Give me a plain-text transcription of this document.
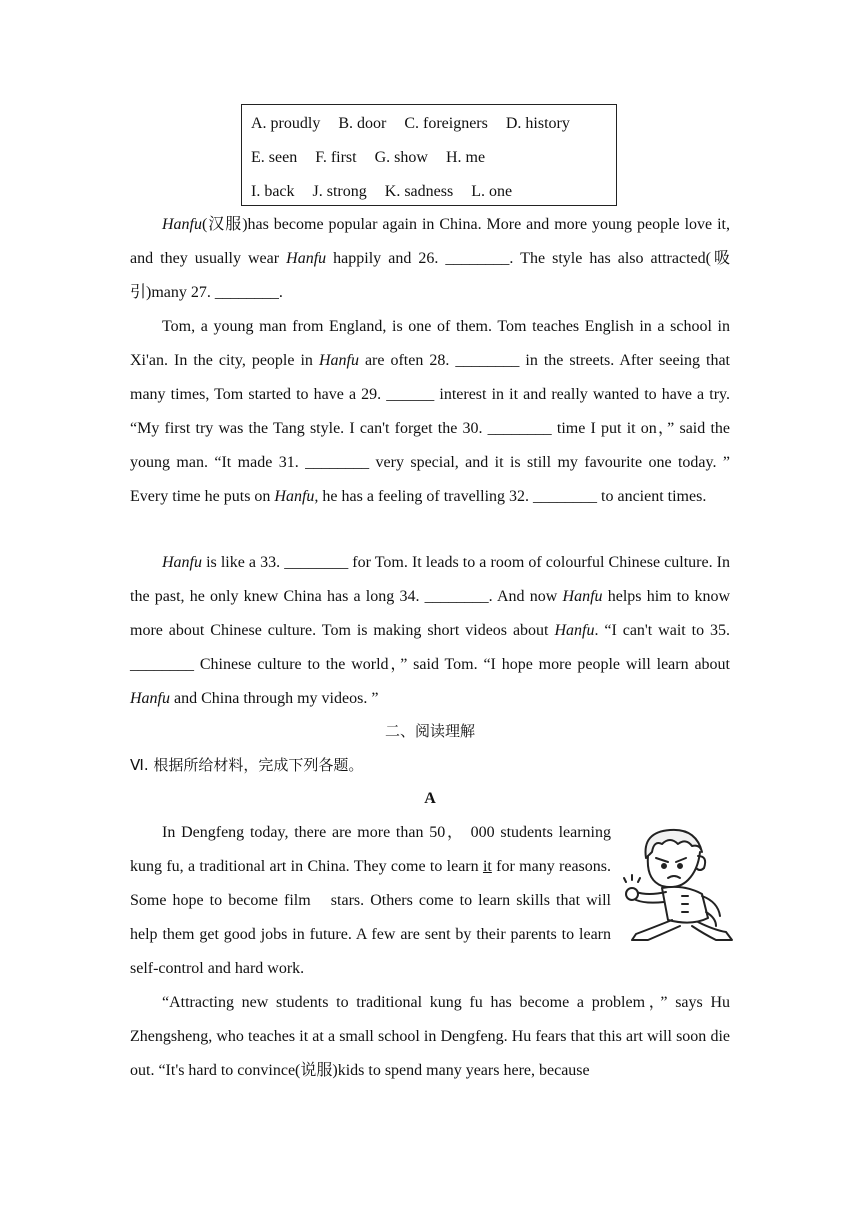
A. proudly B. door C. foreigners D. history
E. seen F. first G. show H. me
I. back J. strong K. sadness L. one

Hanfu(汉服)has become popular again in China. More and more young people love it, and they usually wear Hanfu happily and 26. ________. The style has also attracted(吸引)many 27. ________.

Tom, a young man from England, is one of them. Tom teaches English in a school in Xi'an. In the city, people in Hanfu are often 28. ________ in the streets. After seeing that many times, Tom started to have a 29. ______ interest in it and really wanted to have a try. “My first try was the Tang style. I can't forget the 30. ________ time I put it on，” said the young man. “It made 31. ________ very special, and it is still my favourite one today. ” Every time he puts on Hanfu, he has a feeling of travelling 32. ________ to ancient times.

Hanfu is like a 33. ________ for Tom. It leads to a room of colourful Chinese culture. In the past, he only knew China has a long 34. ________. And now Hanfu helps him to know more about Chinese culture. Tom is making short videos about Hanfu. “I can't wait to 35. ________ Chinese culture to the world，” said Tom. “I hope more people will learn about Hanfu and China through my videos. ”

二、阅读理解
Ⅵ. 根据所给材料，完成下列各题。
A

In Dengfeng today, there are more than 50， 000 students learning kung fu, a traditional art in China. They come to learn it for many reasons. Some hope to become film　stars. Others come to learn skills that will help them get good jobs in future. A few are sent by their parents to learn self-control and hard work.

“Attracting new students to traditional kung fu has become a problem，” says Hu Zhengsheng, who teaches it at a small school in Dengfeng. Hu fears that this art will soon die out. “It's hard to convince(说服)kids to spend many years here, because
